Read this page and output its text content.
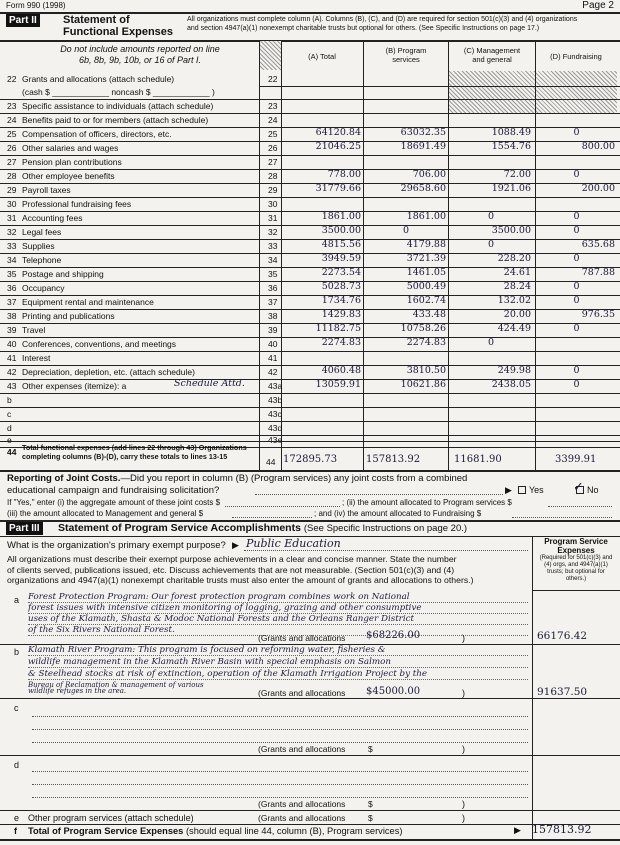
Form 990 (1998)	Page 2
Part II Statement of
Functional Expenses
All organizations must complete column (A). Columns (B), (C), and (D) are required for section 501(c)(3) and (4) organizations
and section 4947(a)(1) nonexempt charitable trusts but optional for others. (See Specific Instructions on page 17.)
Do not include amounts reported on line
6b, 8b, 9b, 10b, or 16 of Part I.	(A) Total
(B) Program
services
(C) Management
and general	(D) Fundraising
22 Grants and allocations (attach schedule)	22
(cash $ ____________ noncash $ ____________ )
23 Specific assistance to individuals (attach schedule)	23
24 Benefits paid to or for members (attach schedule)	24
25 Compensation of officers, directors, etc.	25	64120.84	63032.35	1088.49	0
26 Other salaries and wages	26	21046.25	18691.49	1554.76	800.00
27 Pension plan contributions	27
28 Other employee benefits	28	778.00	706.00	72.00	0
29 Payroll taxes	29	31779.66	29658.60	1921.06	200.00
30 Professional fundraising fees	30
31 Accounting fees	31	1861.00	1861.00	0	0
32 Legal fees	32	3500.00	0	3500.00	0
33 Supplies	33	4815.56	4179.88	0	635.68
34 Telephone	34	3949.59	3721.39	228.20	0
35 Postage and shipping	35	2273.54	1461.05	24.61	787.88
36 Occupancy	36	5028.73	5000.49	28.24	0
37 Equipment rental and maintenance	37	1734.76	1602.74	132.02	0
38 Printing and publications	38	1429.83	433.48	20.00	976.35
39 Travel	39	11182.75	10758.26	424.49	0
40 Conferences, conventions, and meetings	40	2274.83	2274.83	0
41 Interest	41
42 Depreciation, depletion, etc. (attach schedule)	42	4060.48	3810.50	249.98	0
43 Other expenses (itemize): a	43a	13059.91	10621.86	2438.05	0
b	43b
c	43c
d	43d
e	43e
Schedule Attd.
44 Total functional expenses (add lines 22 through 43) Organizations
completing columns (B)-(D), carry these totals to lines 13-15
44 172895.73	157813.92	11681.90	3399.91
Reporting of Joint Costs.—Did you report in column (B) (Program services) any joint costs from a combined
educational campaign and fundraising solicitation?	▶ Yes ✓ No
If "Yes," enter (i) the aggregate amount of these joint costs $	; (ii) the amount allocated to Program services $
(iii) the amount allocated to Management and general $	; and (iv) the amount allocated to Fundraising $
Part III Statement of Program Service Accomplishments (See Specific Instructions on page 20.)
What is the organization's primary exempt purpose? ▶ Public Education
All organizations must describe their exempt purpose achievements in a clear and concise manner. State the number
of clients served, publications issued, etc. Discuss achievements that are not measurable. (Section 501(c)(3) and (4)
organizations and 4947(a)(1) nonexempt charitable trusts must also enter the amount of grants and allocations to others.)
Program Service
Expenses
(Required for 501(c)(3) and
(4) orgs, and 4947(a)(1)
trusts; but optional for
others.)
a Forest Protection Program: Our forest protection program combines work on National
forest issues with intensive citizen monitoring of logging, grazing and other consumptive
uses of the Klamath, Shasta & Modoc National Forests and the Orleans Ranger District
of the Six Rivers National Forest.
(Grants and allocations $68226.00	)	66176.42
b Klamath River Program: This program is focused on reforming water, fisheries &
wildlife management in the Klamath River Basin with special emphasis on Salmon
& Steelhead stocks at risk of extinction, operation of the Klamath Irrigation Project by the
Bureau of Reclamation & management of various
wildlife refuges in the area.	(Grants and allocations $45000.00	)	91637.50
c
(Grants and allocations	$	)
d
(Grants and allocations	$	)
e Other program services (attach schedule)	(Grants and allocations	$	)
f Total of Program Service Expenses (should equal line 44, column (B), Program services)	▶ 157813.92
